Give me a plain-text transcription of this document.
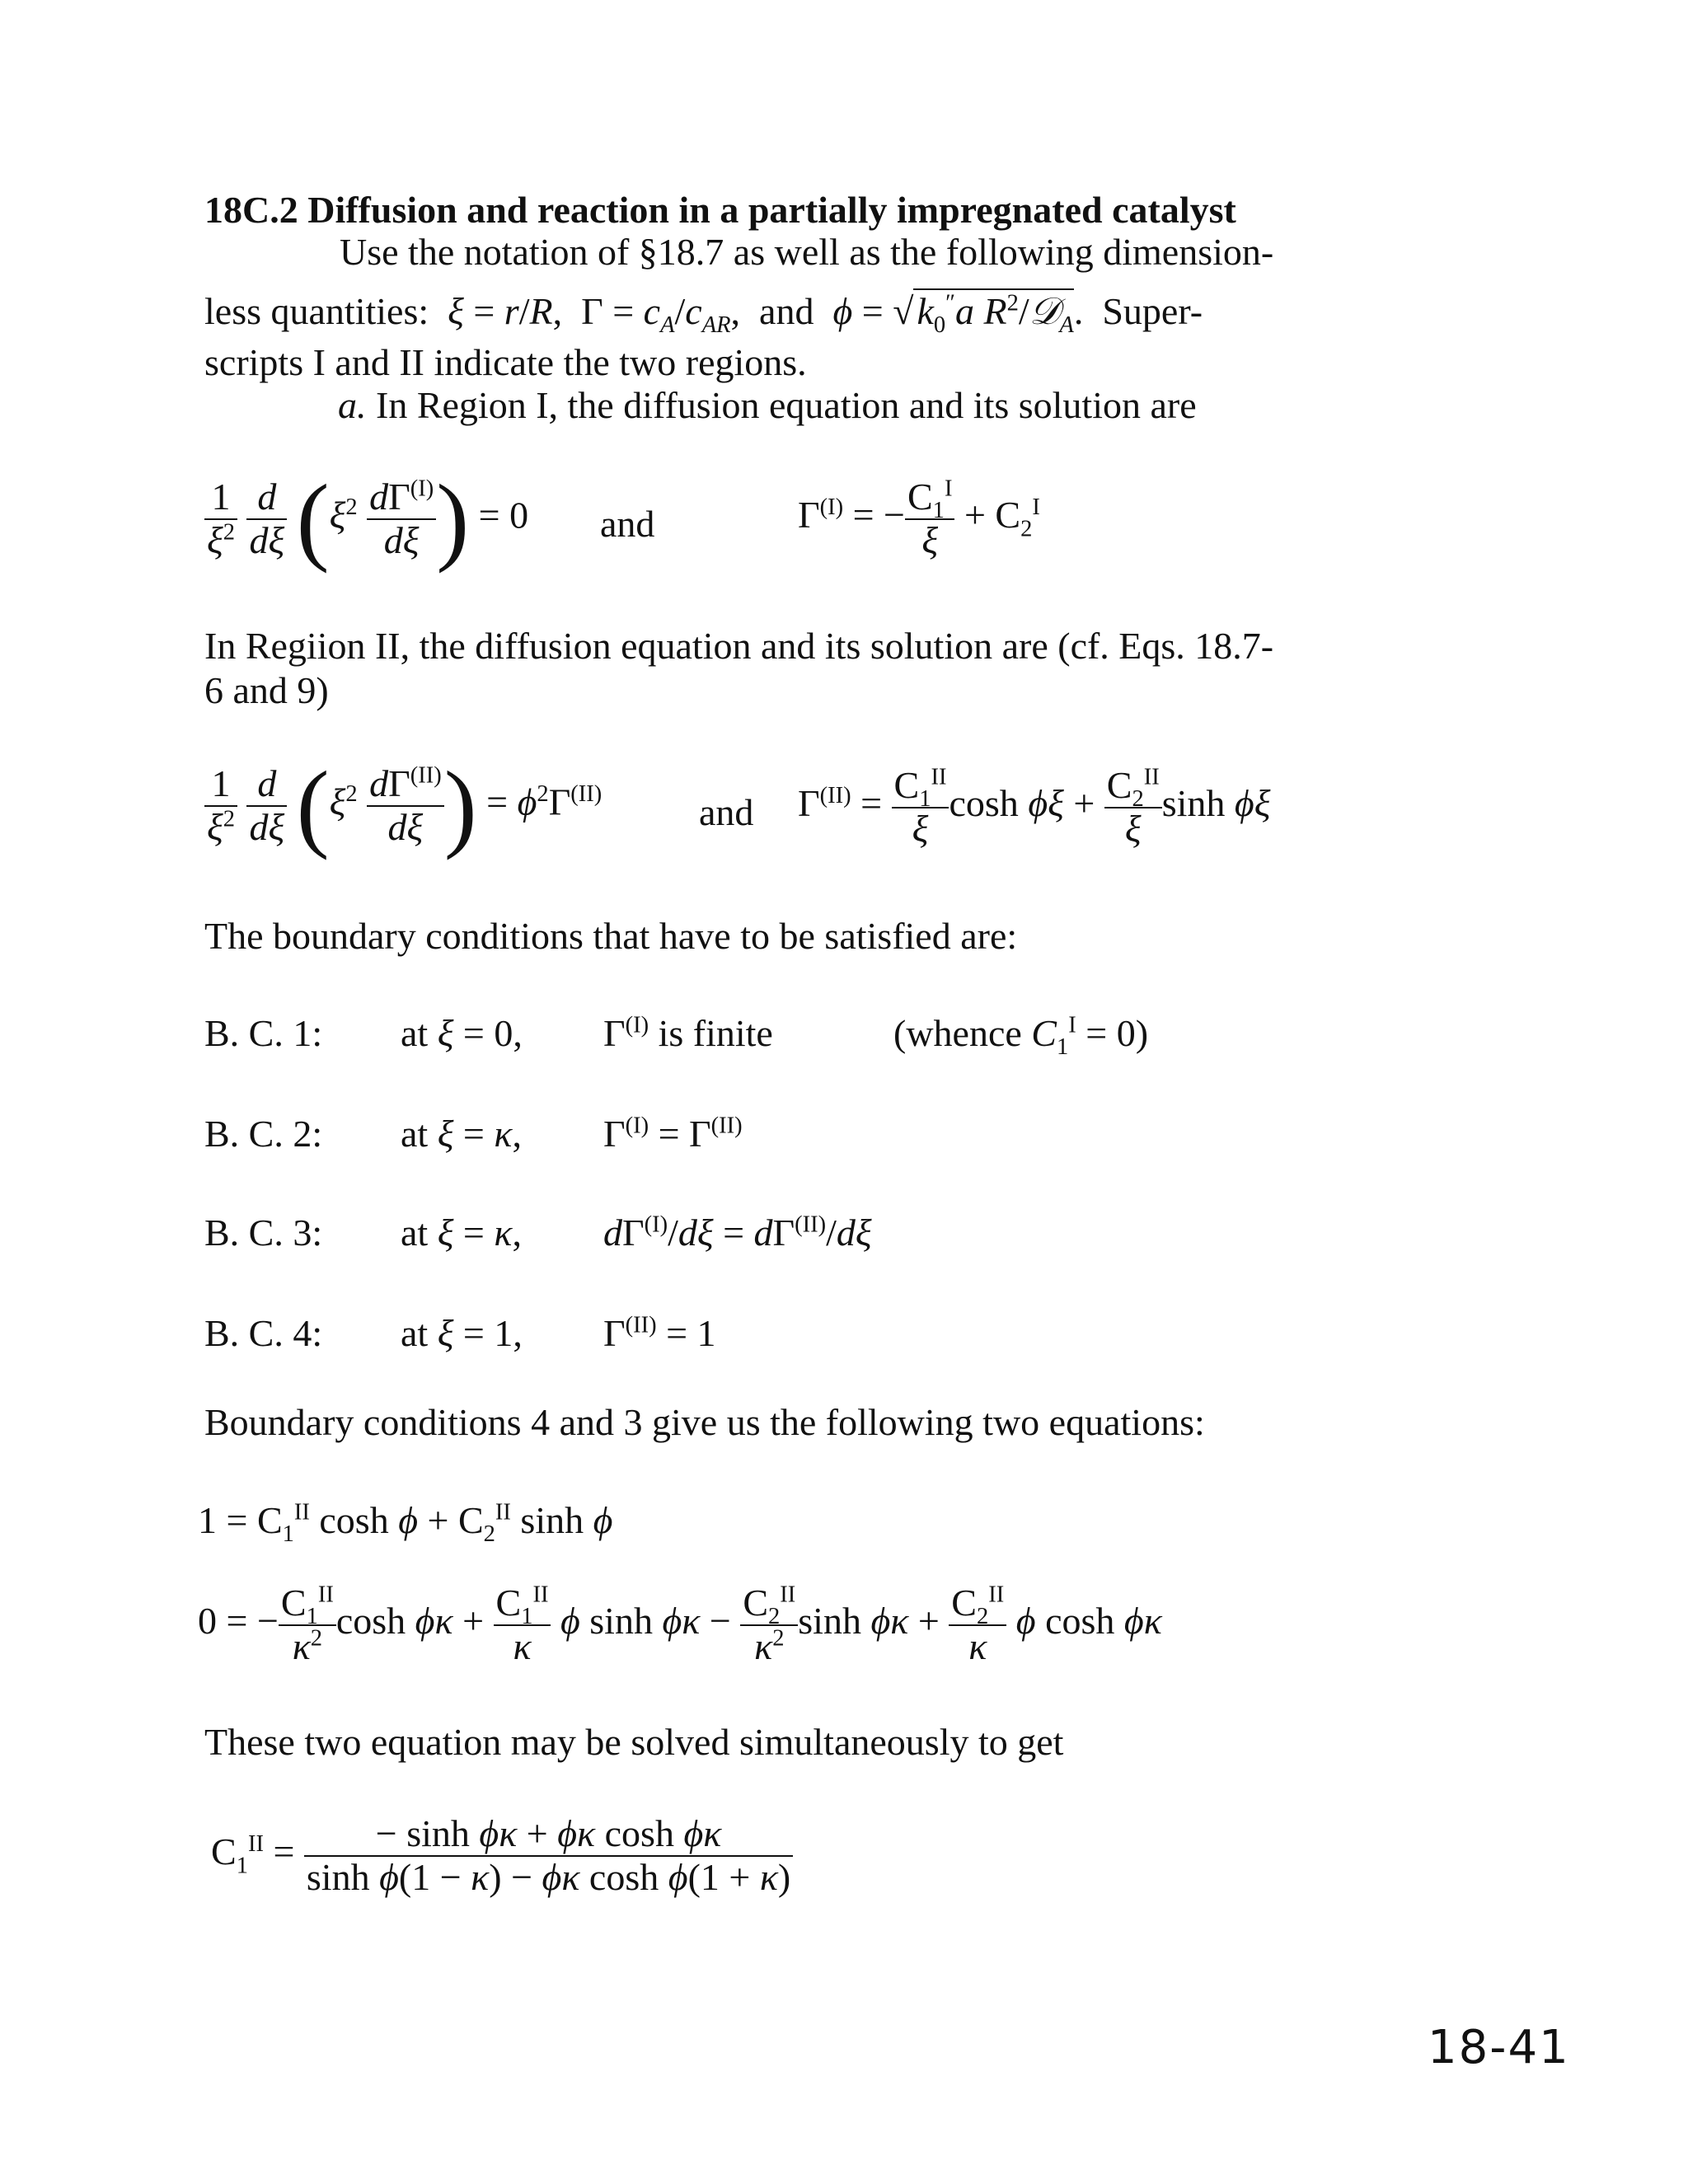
18C.2 Diffusion and reaction in a partially impregnated catalyst
Use the notation of §18.7 as well as the following dimension-
less quantities: ξ = r/R,  $\Gamma = c_A/c_{AR}$,  and $\phi = √k_0''a$ $R^2/𝒟_A$.  Super-
scripts I and II indicate the two regions.
a. In Region I, the diffusion equation and its solution are
$\frac{1}{\xi^2}$
$\frac{d}{d\xi} (\xi^2 \frac{d\Gamma^{(I)}}{d\xi}$ ) = 0 and	$\Gamma^{(I)}$ = − $\frac{C_1^I}{\xi} + C_2^I$
In Regiion II, the diffusion equation and its solution are (cf. Eqs. 18.7-
6 and 9)
$\frac{1}{\xi^2}$
$\frac{d}{d\xi} (\xi^2 \frac{d\Gamma^{(II)}}{d\xi}$ ) = $\phi^2\Gamma^{(II)}$	and $\Gamma^{(II)} = \frac{C_1^{II}}{\xi}$ $\cosh \phi\xi + \frac{C_2^{II}}{\xi}$ sinh ϕξ
The boundary conditions that have to be satisfied are:
B. C. 1: at ξ = 0, $\Gamma^{(I)}$ is finite	(whence $C_1^I = 0$)
B. C. 2: at ξ = κ, $\Gamma^{(I)} = \Gamma^{(II)}$
B. C. 3: at ξ = κ, $d\Gamma^{(I)}/d\xi = d\Gamma^{(II)}/d\xi$
B. C. 4: at ξ = 1, $\Gamma^{(II)} = 1$
Boundary conditions 4 and 3 give us the following two equations:
$1 = C_1^{II}$ $\cosh \phi + C_2^{II}$ sinh ϕ
0 = − $\frac{C_1^{II}}{\kappa^2}$ $\cosh \phi\kappa + \frac{C_1^{II}}{\kappa}$ ϕ $\sinh \phi\kappa - \frac{C_2^{II}}{\kappa^2}$ $\sinh \phi\kappa + \frac{C_2^{II}}{\kappa}$ ϕ cosh ϕκ
These two equation may be solved simultaneously to get
$C_1^{II} = \frac{\text{− sinh ϕκ + ϕκ cosh ϕκ}}{\text{sinh ϕ(1 − κ) − ϕκ cosh ϕ(1 + κ)}}$
18-41
